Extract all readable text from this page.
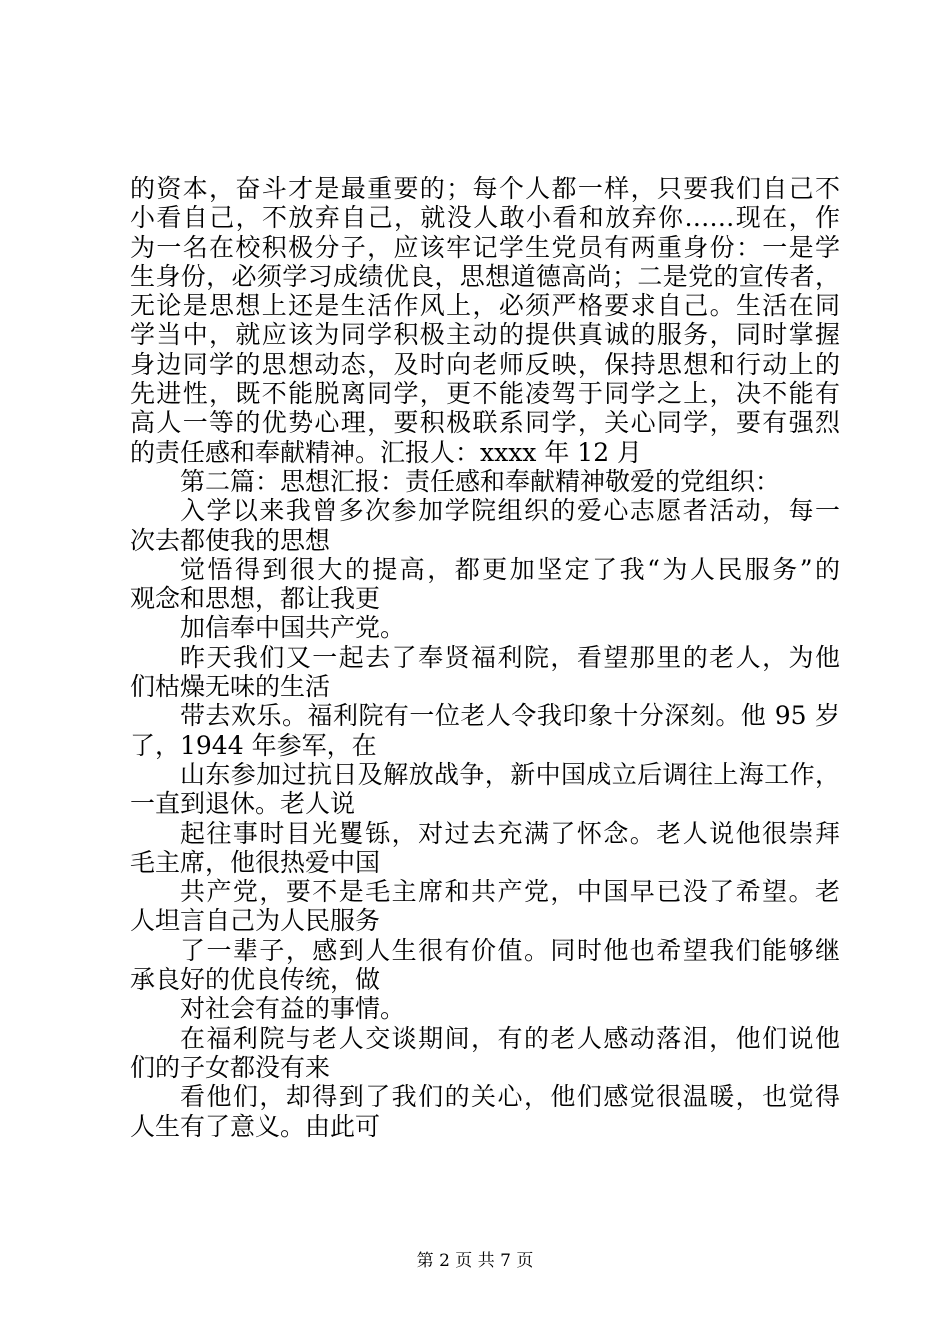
的资本，奋斗才是最重要的；每个人都一样，只要我们自己不
小看自己，不放弃自己，就没人敢小看和放弃你……现在，作
为一名在校积极分子，应该牢记学生党员有两重身份：一是学
生身份，必须学习成绩优良，思想道德高尚；二是党的宣传者，
无论是思想上还是生活作风上，必须严格要求自己。生活在同
学当中，就应该为同学积极主动的提供真诚的服务，同时掌握
身边同学的思想动态，及时向老师反映，保持思想和行动上的
先进性，既不能脱离同学，更不能凌驾于同学之上，决不能有
高人一等的优势心理，要积极联系同学，关心同学，要有强烈
的责任感和奉献精神。汇报人：xxxx 年 12 月
第二篇：思想汇报：责任感和奉献精神敬爱的党组织：
入学以来我曾多次参加学院组织的爱心志愿者活动，每一
次去都使我的思想
觉悟得到很大的提高，都更加坚定了我“为人民服务”的
观念和思想，都让我更
加信奉中国共产党。
昨天我们又一起去了奉贤福利院，看望那里的老人，为他
们枯燥无味的生活
带去欢乐。福利院有一位老人令我印象十分深刻。他 95 岁
了，1944 年参军，在
山东参加过抗日及解放战争，新中国成立后调往上海工作，
一直到退休。老人说
起往事时目光矍铄，对过去充满了怀念。老人说他很崇拜
毛主席，他很热爱中国
共产党，要不是毛主席和共产党，中国早已没了希望。老
人坦言自己为人民服务
了一辈子，感到人生很有价值。同时他也希望我们能够继
承良好的优良传统，做
对社会有益的事情。
在福利院与老人交谈期间，有的老人感动落泪，他们说他
们的子女都没有来
看他们，却得到了我们的关心，他们感觉很温暖，也觉得
人生有了意义。由此可
第 2 页 共 7 页
